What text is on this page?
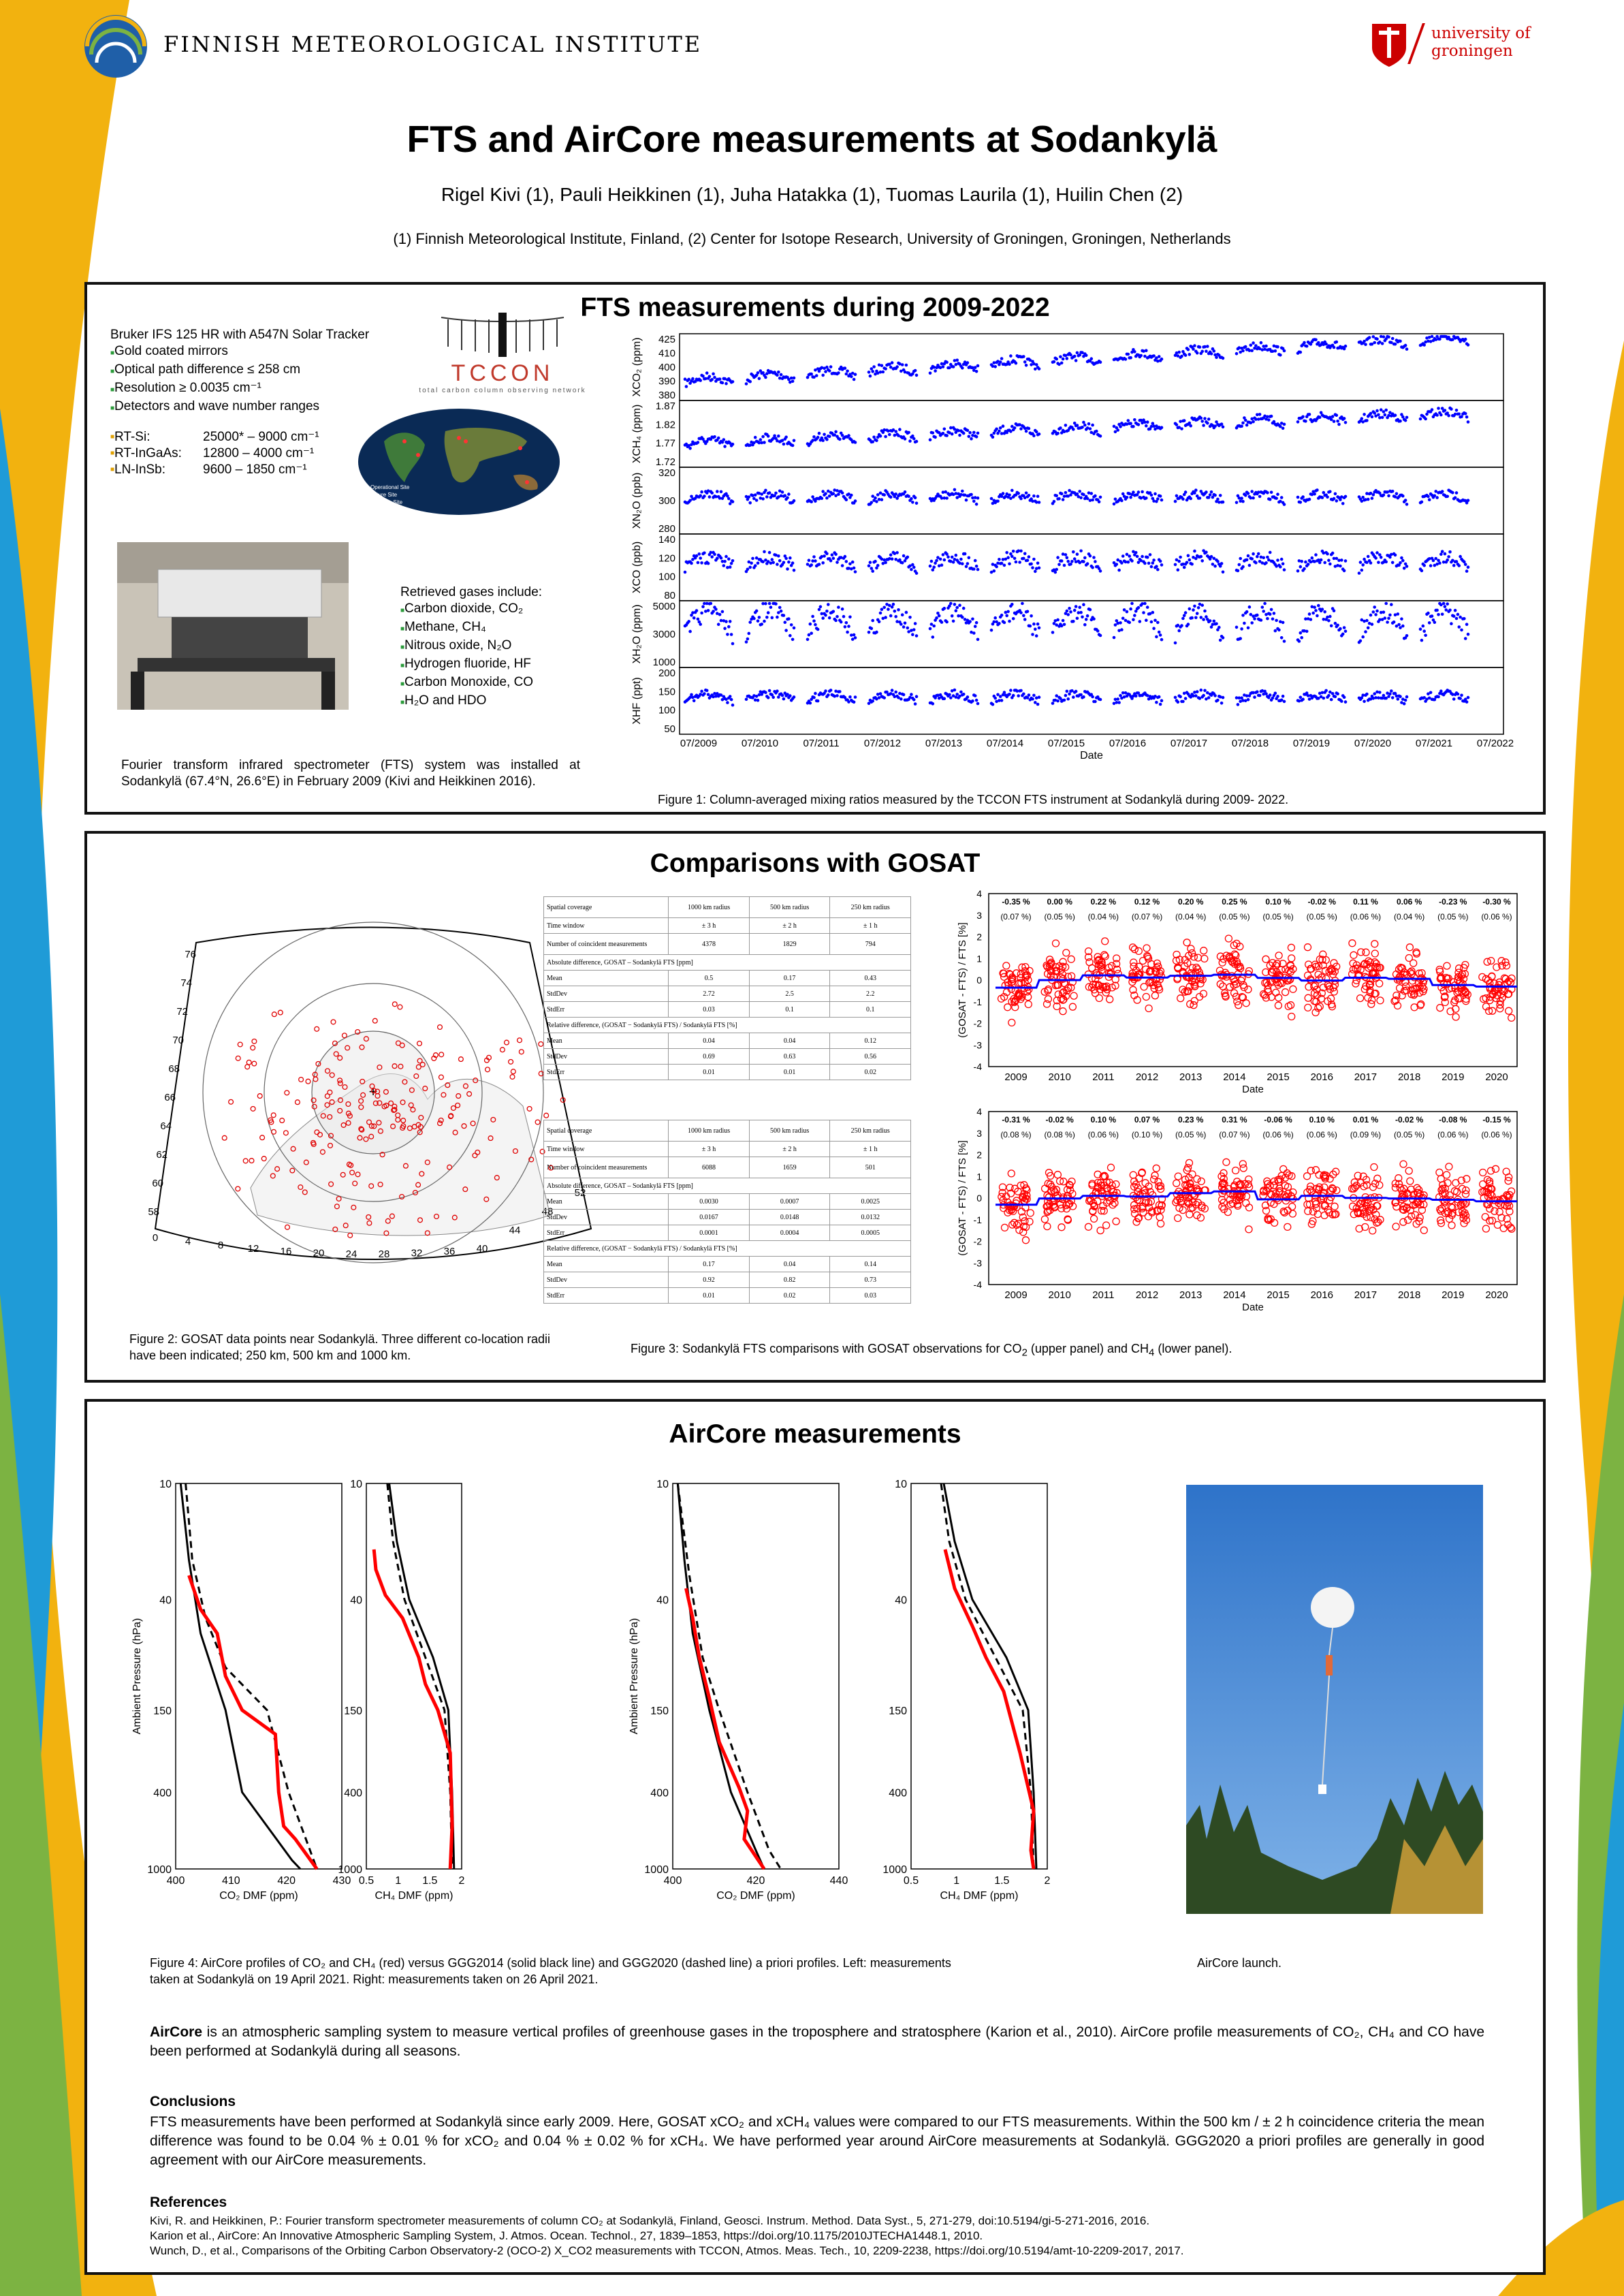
FINNISH METEOROLOGICAL INSTITUTE	university of
groningen
FTS and AirCore measurements at Sodankylä
Rigel Kivi (1), Pauli Heikkinen (1), Juha Hatakka (1), Tuomas Laurila (1), Huilin Chen (2)
(1) Finnish Meteorological Institute, Finland, (2) Center for Isotope Research, University of Groningen, Groningen, Netherlands
FTS measurements during 2009-2022
Bruker IFS 125 HR with A547N Solar Tracker
■Gold coated mirrors
■Optical path difference ≤ 258 cm
■Resolution ≥ 0.0035 cm⁻¹
■Detectors and wave number ranges
■ RT-Si:	25000* – 9000 cm⁻¹
■ RT-InGaAs:	12800 – 4000 cm⁻¹
■ LN-InSb:	9600 – 1850 cm⁻¹
TCCON
total carbon column observing network
Operational Site
Future Site
Previous Site
Retrieved gases include:
■Carbon dioxide, CO₂
■Methane, CH₄
■Nitrous oxide, N₂O
■Hydrogen fluoride, HF
■Carbon Monoxide, CO
■H₂O and HDO
Fourier transform infrared spectrometer (FTS) system was installed at Sodankylä (67.4°N, 26.6°E) in February 2009 (Kivi and Heikkinen 2016).
XCO₂ (ppm) 425
410
400
390
380
XCH₄ (ppm) 1.87
1.82
1.77
1.72
XN₂O (ppb) 320
300
280
XCO (ppb)
140
120
100
80
XH₂O (ppm) 5000
3000
1000
XHF (ppt)
200
150
100
50
07/2009 07/2010 07/2011 07/2012 07/2013 07/2014 07/2015 07/2016 07/2017 07/2018 07/2019 07/2020 07/2021 07/2022
Date
Figure 1: Column-averaged mixing ratios measured by the TCCON FTS instrument at Sodankylä during 2009- 2022.
Comparisons with GOSAT
+
76
74
72
70
68
66
64
62
60
58
0	4	8 12 16 20 24 28 32 36 40
44
48
52
Figure 2: GOSAT data points near Sodankylä. Three different co-location radii have been indicated; 250 km, 500 km and 1000 km.
Spatial coverage	1000 km radius	500 km radius	250 km radius
Time window	± 3 h	± 2 h	± 1 h
Number of coincident measurements	4378	1829	794
Absolute difference, GOSAT – Sodankylä FTS [ppm]			
Mean	0.5	0.17	0.43
StdDev	2.72	2.5	2.2
StdErr	0.03	0.1	0.1
Relative difference, (GOSAT − Sodankylä FTS) / Sodankylä FTS [%]			
Mean	0.04	0.04	0.12
StdDev	0.69	0.63	0.56
StdErr	0.01	0.01	0.02
Spatial coverage	1000 km radius	500 km radius	250 km radius
Time window	± 3 h	± 2 h	± 1 h
Number of coincident measurements	6088	1659	501
Absolute difference, GOSAT – Sodankylä FTS [ppm]			
Mean	0.0030	0.0007	0.0025
StdDev	0.0167	0.0148	0.0132
StdErr	0.0001	0.0004	0.0005
Relative difference, (GOSAT − Sodankylä FTS) / Sodankylä FTS [%]			
Mean	0.17	0.04	0.14
StdDev	0.92	0.82	0.73
StdErr	0.01	0.02	0.03
4
3
2
1
0
-1
-2
-3
-4
(GOSAT - FTS) / FTS [%]
2009
-0.35 %
(0.07 %)
2010
0.00 %
(0.05 %)
2011
0.22 %
(0.04 %)
2012
0.12 %
(0.07 %)
2013
0.20 %
(0.04 %)
2014
0.25 %
(0.05 %)
2015
0.10 %
(0.05 %)
2016
-0.02 %
(0.05 %)
2017
0.11 %
(0.06 %)
2018
0.06 %
(0.04 %)
2019
-0.23 %
(0.05 %)
2020
-0.30 %
(0.06 %)
Date
4
3
2
1
0
-1
-2
-3
-4
(GOSAT - FTS) / FTS [%]
2009
-0.31 %
(0.08 %)
2010
-0.02 %
(0.08 %)
2011
0.10 %
(0.06 %)
2012
0.07 %
(0.10 %)
2013
0.23 %
(0.05 %)
2014
0.31 %
(0.07 %)
2015
-0.06 %
(0.06 %)
2016
0.10 %
(0.06 %)
2017
0.01 %
(0.09 %)
2018
-0.02 %
(0.05 %)
2019
-0.08 %
(0.06 %)
2020
-0.15 %
(0.06 %)
Date
Figure 3: Sodankylä FTS comparisons with GOSAT observations for $CO_2$ (upper panel) and $CH_4$ (lower panel).
AirCore measurements
10
40
150
400
1000
Ambient Pressure (hPa)
400	410	420	430
CO₂ DMF (ppm)
10
40
150
400
1000
0.5 1 1.5 2
CH₄ DMF (ppm)
10
40
150
400
1000
Ambient Pressure (hPa)
400	420	440
CO₂ DMF (ppm)
10
40
150
400
1000
0.5	1	1.5	2
CH₄ DMF (ppm)
Figure 4: AirCore profiles of CO₂ and CH₄ (red) versus GGG2014 (solid black line) and GGG2020 (dashed line) a priori profiles. Left: measurements
taken at Sodankylä on 19 April 2021. Right: measurements taken on 26 April 2021.
AirCore launch.
AirCore is an atmospheric sampling system to measure vertical profiles of greenhouse gases in the troposphere and stratosphere (Karion et al., 2010). AirCore profile measurements of CO₂, CH₄ and CO have been performed at Sodankylä during all seasons.
Conclusions
FTS measurements have been performed at Sodankylä since early 2009. Here, GOSAT xCO₂ and xCH₄ values were compared to our FTS measurements. Within the 500 km / ± 2 h coincidence criteria the mean difference was found to be 0.04 % ± 0.01 % for xCO₂ and 0.04 % ± 0.02 % for xCH₄. We have performed year around AirCore measurements at Sodankylä. GGG2020 a priori profiles are generally in good agreement with our AirCore measurements.
References
Kivi, R. and Heikkinen, P.: Fourier transform spectrometer measurements of column CO₂ at Sodankylä, Finland, Geosci. Instrum. Method. Data Syst., 5, 271-279, doi:10.5194/gi-5-271-2016, 2016.
Karion et al., AirCore: An Innovative Atmospheric Sampling System, J. Atmos. Ocean. Technol., 27, 1839–1853, https://doi.org/10.1175/2010JTECHA1448.1, 2010.
Wunch, D., et al., Comparisons of the Orbiting Carbon Observatory-2 (OCO-2) X_CO2 measurements with TCCON, Atmos. Meas. Tech., 10, 2209-2238, https://doi.org/10.5194/amt-10-2209-2017, 2017.
